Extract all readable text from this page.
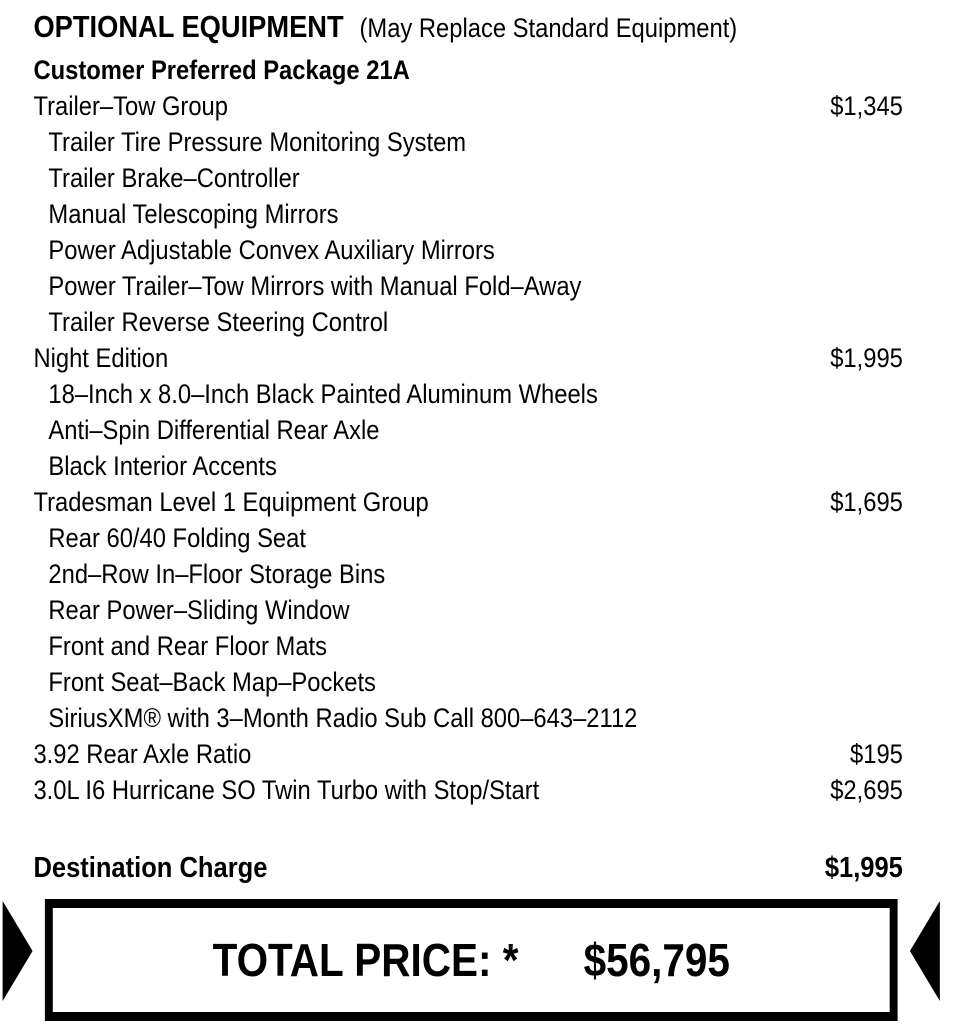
OPTIONAL EQUIPMENT (May Replace Standard Equipment)
Customer Preferred Package 21A
Trailer–Tow Group	$1,345
Trailer Tire Pressure Monitoring System
Trailer Brake–Controller
Manual Telescoping Mirrors
Power Adjustable Convex Auxiliary Mirrors
Power Trailer–Tow Mirrors with Manual Fold–Away
Trailer Reverse Steering Control
Night Edition	$1,995
18–Inch x 8.0–Inch Black Painted Aluminum Wheels
Anti–Spin Differential Rear Axle
Black Interior Accents
Tradesman Level 1 Equipment Group	$1,695
Rear 60/40 Folding Seat
2nd–Row In–Floor Storage Bins
Rear Power–Sliding Window
Front and Rear Floor Mats
Front Seat–Back Map–Pockets
SiriusXM® with 3–Month Radio Sub Call 800–643–2112
3.92 Rear Axle Ratio	$195
3.0L I6 Hurricane SO Twin Turbo with Stop/Start	$2,695
Destination Charge	$1,995
TOTAL PRICE: * $56,795
